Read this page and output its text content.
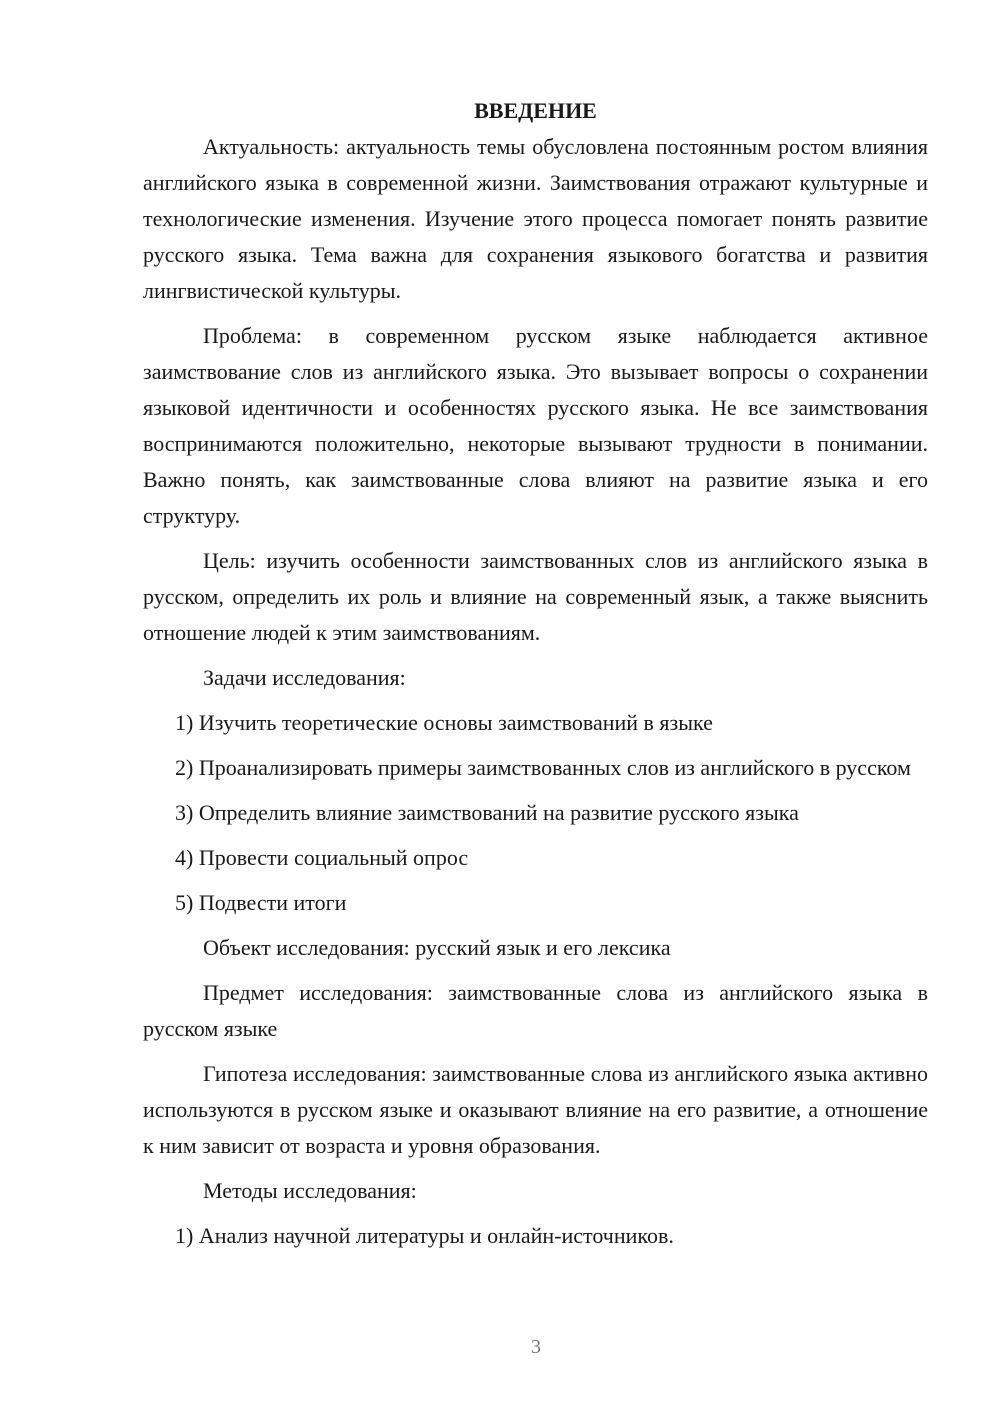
ВВЕДЕНИЕ

Актуальность: актуальность темы обусловлена постоянным ростом влияния английского языка в современной жизни. Заимствования отражают культурные и технологические изменения. Изучение этого процесса помогает понять развитие русского языка. Тема важна для сохранения языкового богатства и развития лингвистической культуры.

Проблема: в современном русском языке наблюдается активное заимствование слов из английского языка. Это вызывает вопросы о сохранении языковой идентичности и особенностях русского языка. Не все заимствования воспринимаются положительно, некоторые вызывают трудности в понимании. Важно понять, как заимствованные слова влияют на развитие языка и его структуру.

Цель: изучить особенности заимствованных слов из английского языка в русском, определить их роль и влияние на современный язык, а также выяснить отношение людей к этим заимствованиям.

Задачи исследования:

1) Изучить теоретические основы заимствований в языке

2) Проанализировать примеры заимствованных слов из английского в русском

3) Определить влияние заимствований на развитие русского языка

4) Провести социальный опрос

5) Подвести итоги

Объект исследования: русский язык и его лексика

Предмет исследования: заимствованные слова из английского языка в русском языке

Гипотеза исследования: заимствованные слова из английского языка активно используются в русском языке и оказывают влияние на его развитие, а отношение к ним зависит от возраста и уровня образования.

Методы исследования:

1) Анализ научной литературы и онлайн-источников.

3
